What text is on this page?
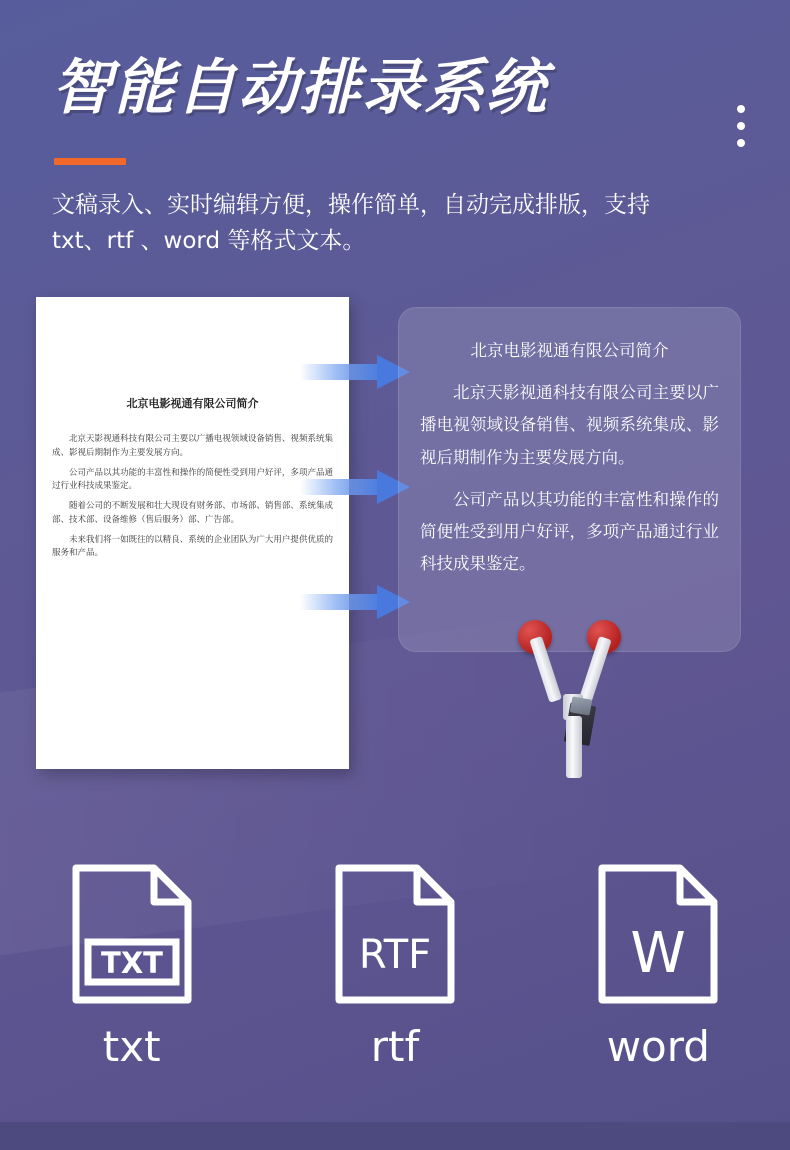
智能自动排录系统
文稿录入、实时编辑方便，操作简单，自动完成排版，支持txt、rtf 、word 等格式文本。
北京电影视通有限公司简介

北京天影视通科技有限公司主要以广播电视领域设备销售、视频系统集成、影视后期制作为主要发展方向。

公司产品以其功能的丰富性和操作的简便性受到用户好评，多项产品通过行业科技成果鉴定。

随着公司的不断发展和壮大现设有财务部、市场部、销售部、系统集成部、技术部、设备维修（售后服务）部、广告部。

未来我们将一如既往的以精良、系统的企业团队为广大用户提供优质的服务和产品。

北京电影视通有限公司简介

北京天影视通科技有限公司主要以广播电视领域设备销售、视频系统集成、影视后期制作为主要发展方向。

公司产品以其功能的丰富性和操作的简便性受到用户好评，多项产品通过行业科技成果鉴定。

TXT
txt
RTF
rtf
W
word
